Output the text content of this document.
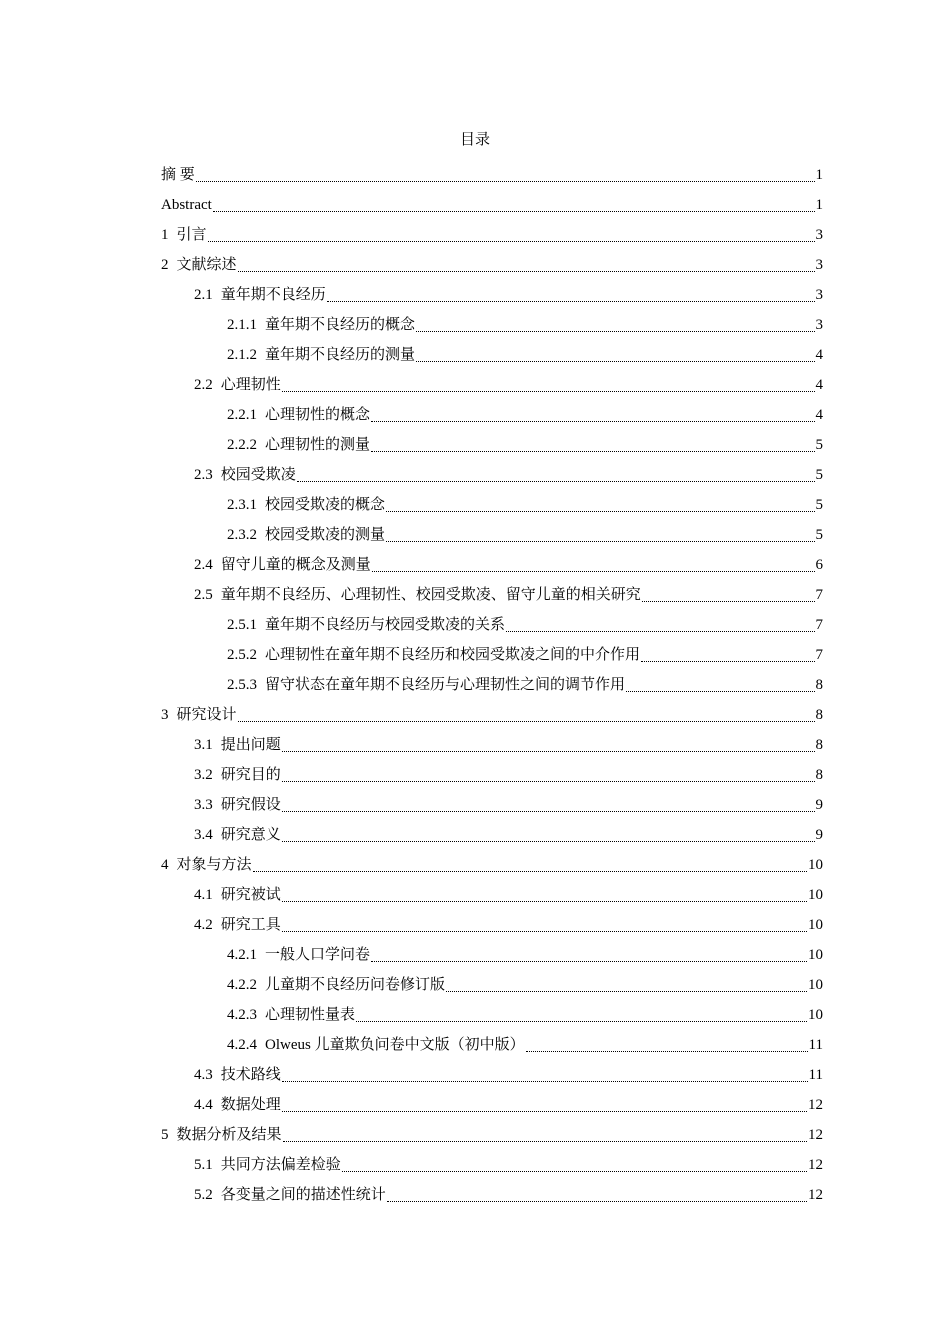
目录
摘 要	1
Abstract	1
1 引言	3
2 文献综述	3
2.1 童年期不良经历	3
2.1.1 童年期不良经历的概念	3
2.1.2 童年期不良经历的测量	4
2.2 心理韧性	4
2.2.1 心理韧性的概念	4
2.2.2 心理韧性的测量	5
2.3 校园受欺凌	5
2.3.1 校园受欺凌的概念	5
2.3.2 校园受欺凌的测量	5
2.4 留守儿童的概念及测量	6
2.5 童年期不良经历、心理韧性、校园受欺凌、留守儿童的相关研究	7
2.5.1 童年期不良经历与校园受欺凌的关系	7
2.5.2 心理韧性在童年期不良经历和校园受欺凌之间的中介作用	7
2.5.3 留守状态在童年期不良经历与心理韧性之间的调节作用	8
3 研究设计	8
3.1 提出问题	8
3.2 研究目的	8
3.3 研究假设	9
3.4 研究意义	9
4 对象与方法	10
4.1 研究被试	10
4.2 研究工具	10
4.2.1 一般人口学问卷	10
4.2.2 儿童期不良经历问卷修订版	10
4.2.3 心理韧性量表	10
4.2.4 Olweus 儿童欺负问卷中文版（初中版）	11
4.3 技术路线	11
4.4 数据处理	12
5 数据分析及结果	12
5.1 共同方法偏差检验	12
5.2 各变量之间的描述性统计	12
